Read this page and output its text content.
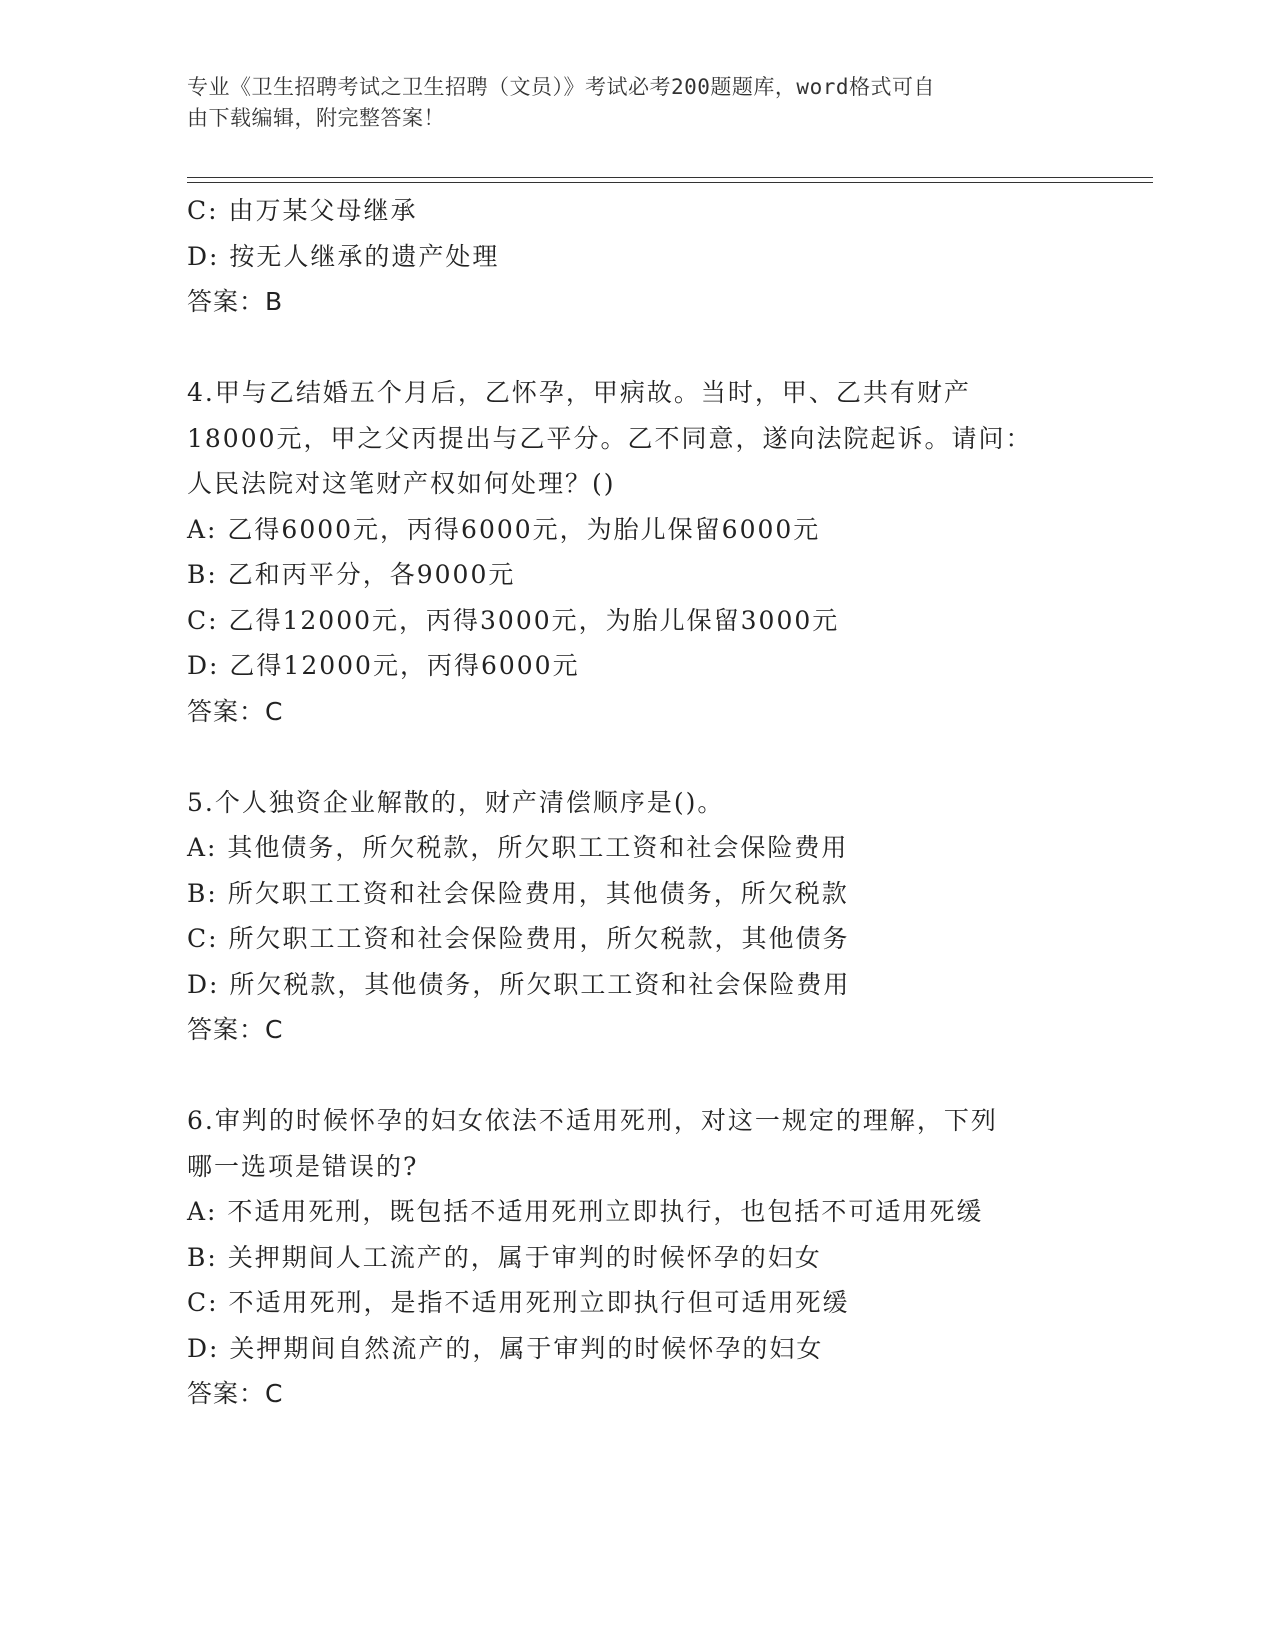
专业《卫生招聘考试之卫生招聘（文员）》考试必考200题题库，word格式可自
由下载编辑，附完整答案！
C: 由万某父母继承
D: 按无人继承的遗产处理
答案：B
4.甲与乙结婚五个月后，乙怀孕，甲病故。当时，甲、乙共有财产
18000元，甲之父丙提出与乙平分。乙不同意，遂向法院起诉。请问：
人民法院对这笔财产权如何处理？()
A: 乙得6000元，丙得6000元，为胎儿保留6000元
B: 乙和丙平分，各9000元
C: 乙得12000元，丙得3000元，为胎儿保留3000元
D: 乙得12000元，丙得6000元
答案：C
5.个人独资企业解散的，财产清偿顺序是()。
A: 其他债务，所欠税款，所欠职工工资和社会保险费用
B: 所欠职工工资和社会保险费用，其他债务，所欠税款
C: 所欠职工工资和社会保险费用，所欠税款，其他债务
D: 所欠税款，其他债务，所欠职工工资和社会保险费用
答案：C
6.审判的时候怀孕的妇女依法不适用死刑，对这一规定的理解，下列
哪一选项是错误的?
A: 不适用死刑，既包括不适用死刑立即执行，也包括不可适用死缓
B: 关押期间人工流产的，属于审判的时候怀孕的妇女
C: 不适用死刑，是指不适用死刑立即执行但可适用死缓
D: 关押期间自然流产的，属于审判的时候怀孕的妇女
答案：C
